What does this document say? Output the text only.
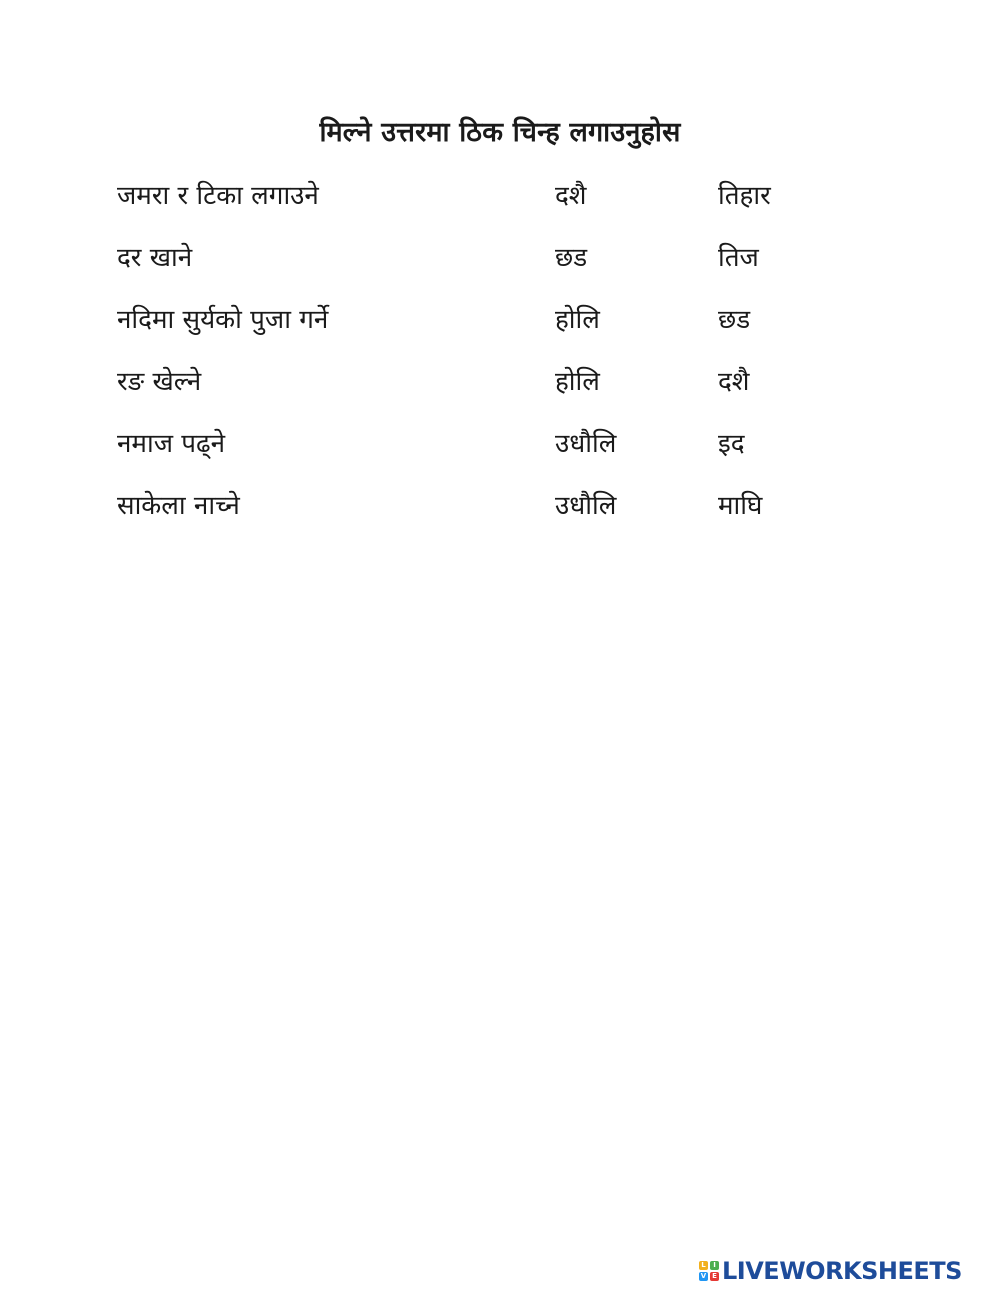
मिल्ने उत्तरमा ठिक चिन्ह लगाउनुहोस
जमरा र टिका लगाउने	दशै	तिहार
दर खाने	छड	तिज
नदिमा सुर्यको पुजा गर्ने	होलि	छड
रङ खेल्ने	होलि	दशै
नमाज पढ्ने	उधौलि	इद
साकेला नाच्ने	उधौलि	माघि
L	I
V E LIVEWORKSHEETS
